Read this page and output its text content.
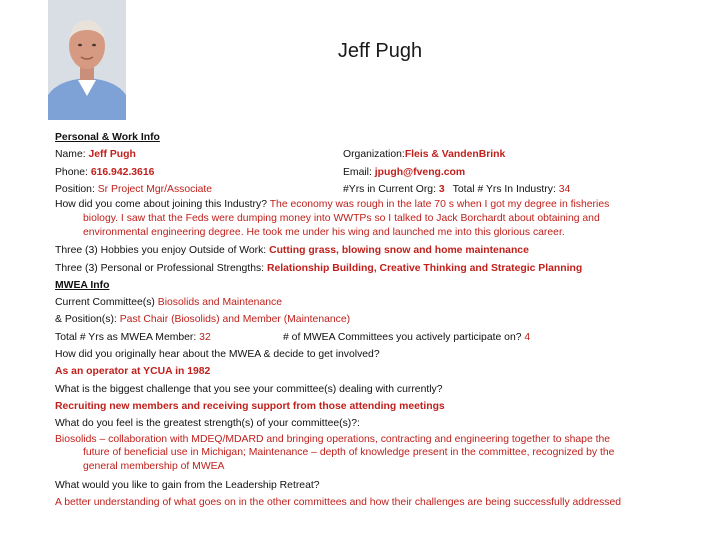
Jeff Pugh
Personal & Work Info
Name: Jeff Pugh	Organization:Fleis & VandenBrink
Phone: 616.942.3616	Email: jpugh@fveng.com
Position: Sr Project Mgr/Associate	#Yrs in Current Org: 3 Total # Yrs In Industry: 34
How did you come about joining this Industry? The economy was rough in the late 70 s when I got my degree in fisheries
biology. I saw that the Feds were dumping money into WWTPs so I talked to Jack Borchardt about obtaining and
environmental engineering degree. He took me under his wing and launched me into this glorious career.
Three (3) Hobbies you enjoy Outside of Work: Cutting grass, blowing snow and home maintenance
Three (3) Personal or Professional Strengths: Relationship Building, Creative Thinking and Strategic Planning
MWEA Info
Current Committee(s) Biosolids and Maintenance
& Position(s): Past Chair (Biosolids) and Member (Maintenance)
Total # Yrs as MWEA Member: 32	# of MWEA Committees you actively participate on? 4
How did you originally hear about the MWEA & decide to get involved?
As an operator at YCUA in 1982
What is the biggest challenge that you see your committee(s) dealing with currently?
Recruiting new members and receiving support from those attending meetings
What do you feel is the greatest strength(s) of your committee(s)?:
Biosolids – collaboration with MDEQ/MDARD and bringing operations, contracting and engineering together to shape the
future of beneficial use in Michigan; Maintenance – depth of knowledge present in the committee, recognized by the
general membership of MWEA
What would you like to gain from the Leadership Retreat?
A better understanding of what goes on in the other committees and how their challenges are being successfully addressed
